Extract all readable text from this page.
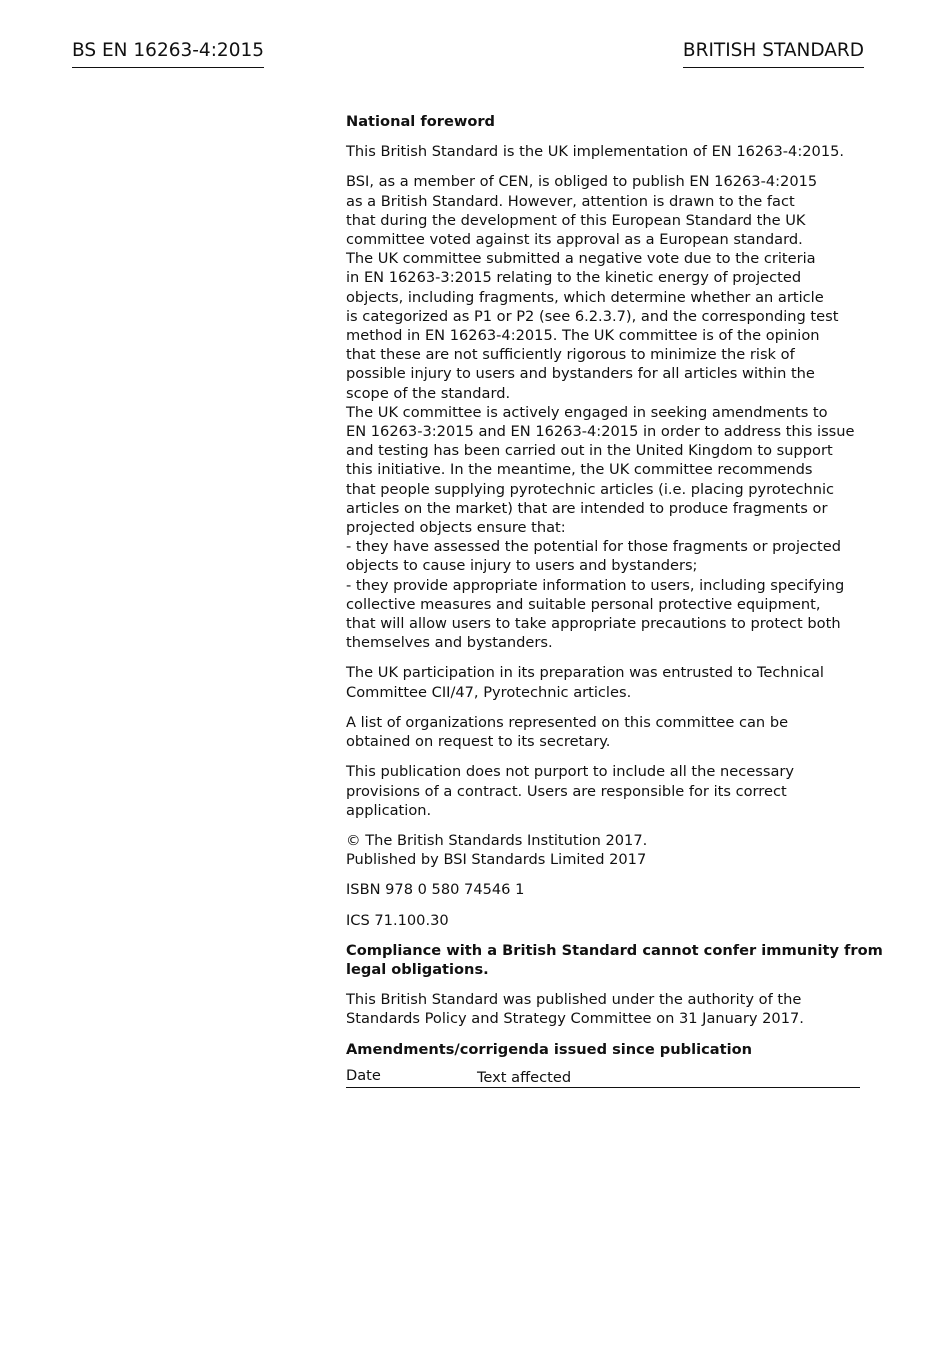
BS EN 16263-4:2015	BRITISH STANDARD
National foreword

This British Standard is the UK implementation of EN 16263-4:2015.

BSI, as a member of CEN, is obliged to publish EN 16263-4:2015
as a British Standard. However, attention is drawn to the fact
that during the development of this European Standard the UK
committee voted against its approval as a European standard.
The UK committee submitted a negative vote due to the criteria
in EN 16263-3:2015 relating to the kinetic energy of projected
objects, including fragments, which determine whether an article
is categorized as P1 or P2 (see 6.2.3.7), and the corresponding test
method in EN 16263-4:2015. The UK committee is of the opinion
that these are not sufficiently rigorous to minimize the risk of
possible injury to users and bystanders for all articles within the
scope of the standard.
The UK committee is actively engaged in seeking amendments to
EN 16263-3:2015 and EN 16263-4:2015 in order to address this issue
and testing has been carried out in the United Kingdom to support
this initiative. In the meantime, the UK committee recommends
that people supplying pyrotechnic articles (i.e. placing pyrotechnic
articles on the market) that are intended to produce fragments or
projected objects ensure that:
- they have assessed the potential for those fragments or projected
objects to cause injury to users and bystanders;
- they provide appropriate information to users, including specifying
collective measures and suitable personal protective equipment,
that will allow users to take appropriate precautions to protect both
themselves and bystanders.

The UK participation in its preparation was entrusted to Technical
Committee CII/47, Pyrotechnic articles.

A list of organizations represented on this committee can be
obtained on request to its secretary.

This publication does not purport to include all the necessary
provisions of a contract. Users are responsible for its correct
application.

© The British Standards Institution 2017.
Published by BSI Standards Limited 2017

ISBN 978 0 580 74546 1

ICS 71.100.30

Compliance with a British Standard cannot confer immunity from
legal obligations.

This British Standard was published under the authority of the
Standards Policy and Strategy Committee on 31 January 2017.

Amendments/corrigenda issued since publication
Date	Text affected
